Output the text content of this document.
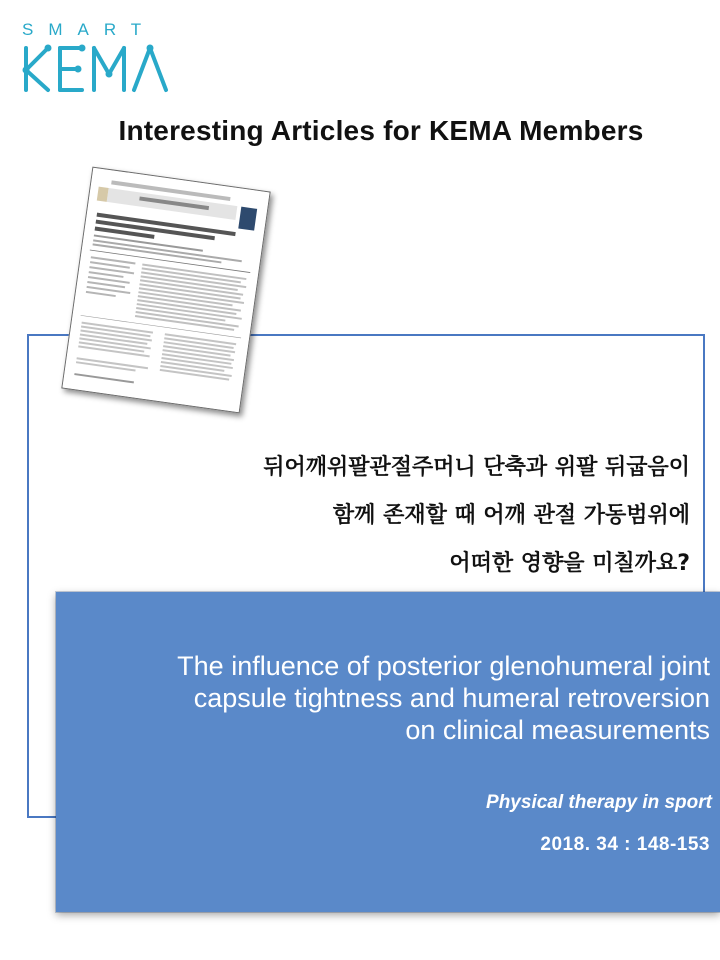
SMART
Interesting Articles for KEMA Members
뒤어깨위팔관절주머니 단축과 위팔 뒤굽음이
함께 존재할 때 어깨 관절 가동범위에
어떠한 영향을 미칠까요?
The influence of posterior glenohumeral joint
capsule tightness and humeral retroversion
on clinical measurements
Physical therapy in sport
2018. 34 : 148-153
